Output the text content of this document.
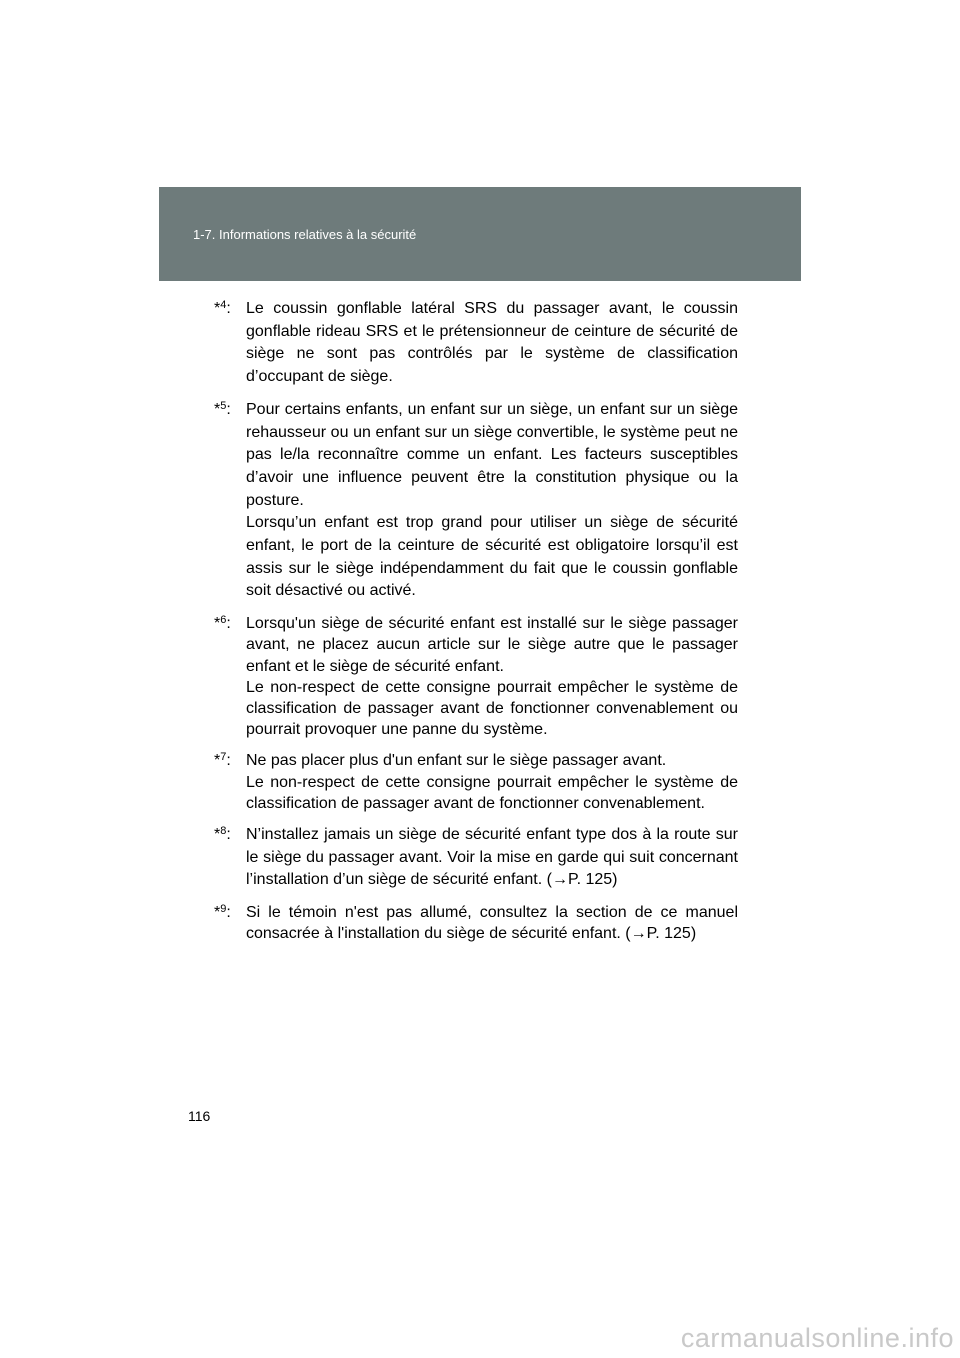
1-7. Informations relatives à la sécurité
*$^4$: Le coussin gonflable latéral SRS du passager avant, le coussin gonflable rideau SRS et le prétensionneur de ceinture de sécurité de siège ne sont pas contrôlés par le système de classification d’occupant de siège.

*$^5$: Pour certains enfants, un enfant sur un siège, un enfant sur un siège rehausseur ou un enfant sur un siège convertible, le système peut ne pas le/la reconnaître comme un enfant. Les facteurs susceptibles d’avoir une influence peuvent être la constitution physique ou la posture.

Lorsqu’un enfant est trop grand pour utiliser un siège de sécurité enfant, le port de la ceinture de sécurité est obligatoire lorsqu’il est assis sur le siège indépendamment du fait que le coussin gonflable soit désactivé ou activé.

*$^6$: Lorsqu'un siège de sécurité enfant est installé sur le siège passager avant, ne placez aucun article sur le siège autre que le passager enfant et le siège de sécurité enfant.

Le non-respect de cette consigne pourrait empêcher le système de classification de passager avant de fonctionner convenablement ou pourrait provoquer une panne du système.

*$^7$: Ne pas placer plus d'un enfant sur le siège passager avant.

Le non-respect de cette consigne pourrait empêcher le système de classification de passager avant de fonctionner convenablement.

*$^8$: N’installez jamais un siège de sécurité enfant type dos à la route sur le siège du passager avant. Voir la mise en garde qui suit concernant l’installation d’un siège de sécurité enfant. (→P. 125)

*$^9$: Si le témoin n'est pas allumé, consultez la section de ce manuel consacrée à l'installation du siège de sécurité enfant. (→P. 125)

116
carmanualsonline.info
